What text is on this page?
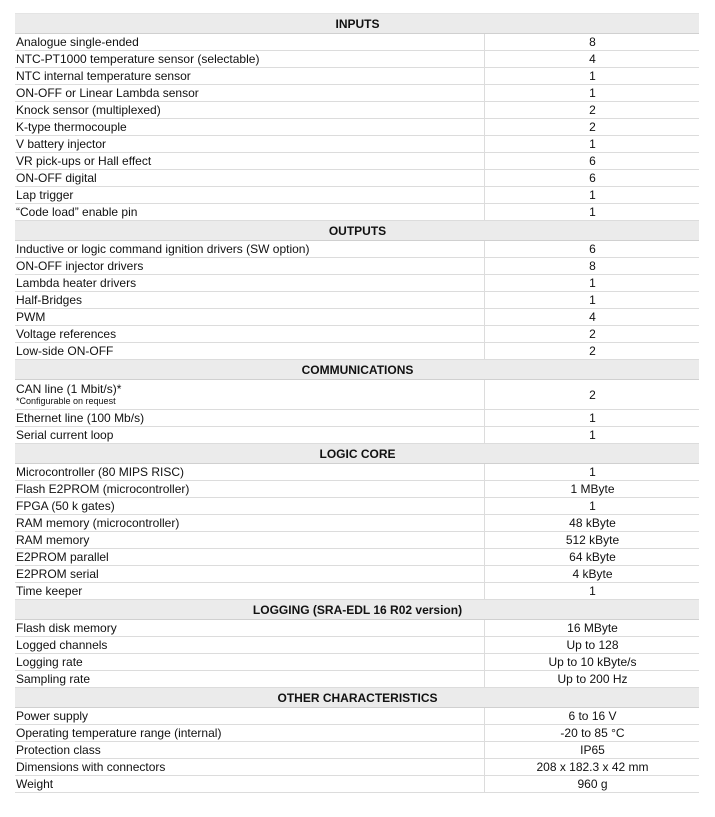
INPUTS	
Analogue single-ended	8
NTC-PT1000 temperature sensor (selectable)	4
NTC internal temperature sensor	1
ON-OFF or Linear Lambda sensor	1
Knock sensor (multiplexed)	2
K-type thermocouple	2
V battery injector	1
VR pick-ups or Hall effect	6
ON-OFF digital	6
Lap trigger	1
“Code load” enable pin	1
OUTPUTS	
Inductive or logic command ignition drivers (SW option)	6
ON-OFF injector drivers	8
Lambda heater drivers	1
Half-Bridges	1
PWM	4
Voltage references	2
Low-side ON-OFF	2
COMMUNICATIONS	
CAN line (1 Mbit/s)*
*Configurable on request	2
Ethernet line (100 Mb/s)	1
Serial current loop	1
LOGIC CORE	
Microcontroller (80 MIPS RISC)	1
Flash E2PROM (microcontroller)	1 MByte
FPGA (50 k gates)	1
RAM memory (microcontroller)	48 kByte
RAM memory	512 kByte
E2PROM parallel	64 kByte
E2PROM serial	4 kByte
Time keeper	1
LOGGING (SRA-EDL 16 R02 version)	
Flash disk memory	16 MByte
Logged channels	Up to 128
Logging rate	Up to 10 kByte/s
Sampling rate	Up to 200 Hz
OTHER CHARACTERISTICS	
Power supply	6 to 16 V
Operating temperature range (internal)	-20 to 85 °C
Protection class	IP65
Dimensions with connectors	208 x 182.3 x 42 mm
Weight	960 g
